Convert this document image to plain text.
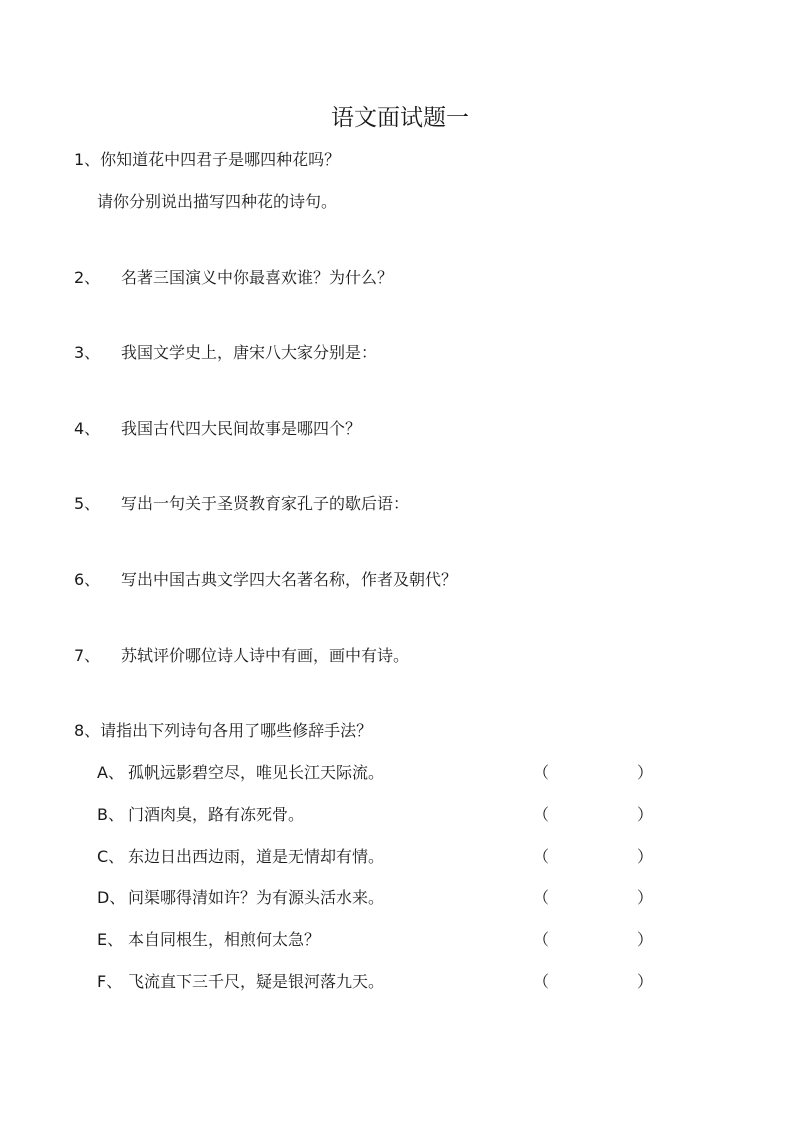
语文面试题一
1、你知道花中四君子是哪四种花吗？
请你分别说出描写四种花的诗句。
2、 名著三国演义中你最喜欢谁？为什么？
3、 我国文学史上，唐宋八大家分别是：
4、 我国古代四大民间故事是哪四个？
5、 写出一句关于圣贤教育家孔子的歇后语：
6、 写出中国古典文学四大名著名称，作者及朝代？
7、 苏轼评价哪位诗人诗中有画，画中有诗。
8、请指出下列诗句各用了哪些修辞手法？
A、 孤帆远影碧空尽，唯见长江天际流。	（	）
B、 门酒肉臭，路有冻死骨。	（	）
C、 东边日出西边雨，道是无情却有情。	（	）
D、 问渠哪得清如许？为有源头活水来。	（	）
E、 本自同根生，相煎何太急？	（	）
F、 飞流直下三千尺，疑是银河落九天。	（	）
